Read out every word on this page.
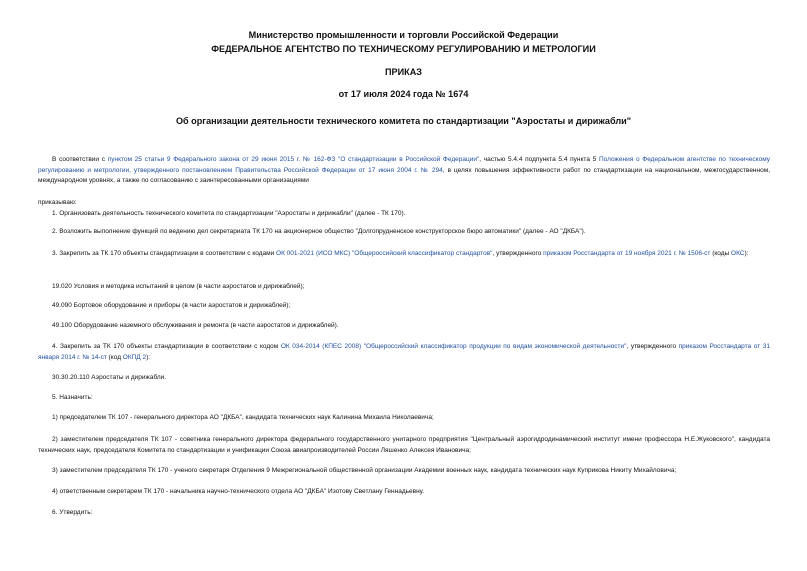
Министерство промышленности и торговли Российской Федерации
ФЕДЕРАЛЬНОЕ АГЕНТСТВО ПО ТЕХНИЧЕСКОМУ РЕГУЛИРОВАНИЮ И МЕТРОЛОГИИ
ПРИКАЗ
от 17 июля 2024 года № 1674
Об организации деятельности технического комитета по стандартизации "Аэростаты и дирижабли"

В соответствии с пунктом 25 статьи 9 Федерального закона от 29 июня 2015 г. № 162-ФЗ "О стандартизации в Российской Федерации", частью 5.4.4 подпункта 5.4 пункта 5 Положения о Федеральном агентстве по техническому регулированию и метрологии, утвержденного постановлением Правительства Российской Федерации от 17 июня 2004 г. № 294, в целях повышения эффективности работ по стандартизации на национальном, межгосударственном, международном уровнях, а также по согласованию с заинтересованными организациями

приказываю:

1. Организовать деятельность технического комитета по стандартизации "Аэростаты и дирижабли" (далее - ТК 170).

2. Возложить выполнение функций по ведению дел секретариата ТК 170 на акционерное общество "Долгопрудненское конструкторское бюро автоматики" (далее - АО "ДКБА").

3. Закрепить за ТК 170 объекты стандартизации в соответствии с кодами ОК 001-2021 (ИСО МКС) "Общероссийский классификатор стандартов", утвержденного приказом Росстандарта от 19 ноября 2021 г. № 1506-ст (коды ОКС):

19.020 Условия и методика испытаний в целом (в части аэростатов и дирижаблей);

49.090 Бортовое оборудование и приборы (в части аэростатов и дирижаблей);

49.100 Оборудование наземного обслуживания и ремонта (в части аэростатов и дирижаблей).

4. Закрепить за ТК 170 объекты стандартизации в соответствии с кодом ОК 034-2014 (КПЕС 2008) "Общероссийский классификатор продукции по видам экономической деятельности", утвержденного приказом Росстандарта от 31 января 2014 г. № 14-ст (код ОКПД 2):

30.30.20.110 Аэростаты и дирижабли.

5. Назначить:

1) председателем ТК 107 - генерального директора АО "ДКБА", кандидата технических наук Калинина Михаила Николаевича;

2) заместителем председателя ТК 107 - советника генерального директора федерального государственного унитарного предприятия "Центральный аэрогидродинамический институт имени профессора Н.Е.Жуковского", кандидата технических наук, председателя Комитета по стандартизации и унификации Союза авиапроизводителей России Ляшенко Алексея Ивановича;

3) заместителем председателя ТК 170 - ученого секретаря Отделения 9 Межрегиональной общественной организации Академии военных наук, кандидата технических наук Куприкова Никиту Михайловича;

4) ответственным секретарем ТК 170 - начальника научно-технического отдела АО "ДКБА" Изотову Светлану Геннадьевну.

6. Утвердить:
